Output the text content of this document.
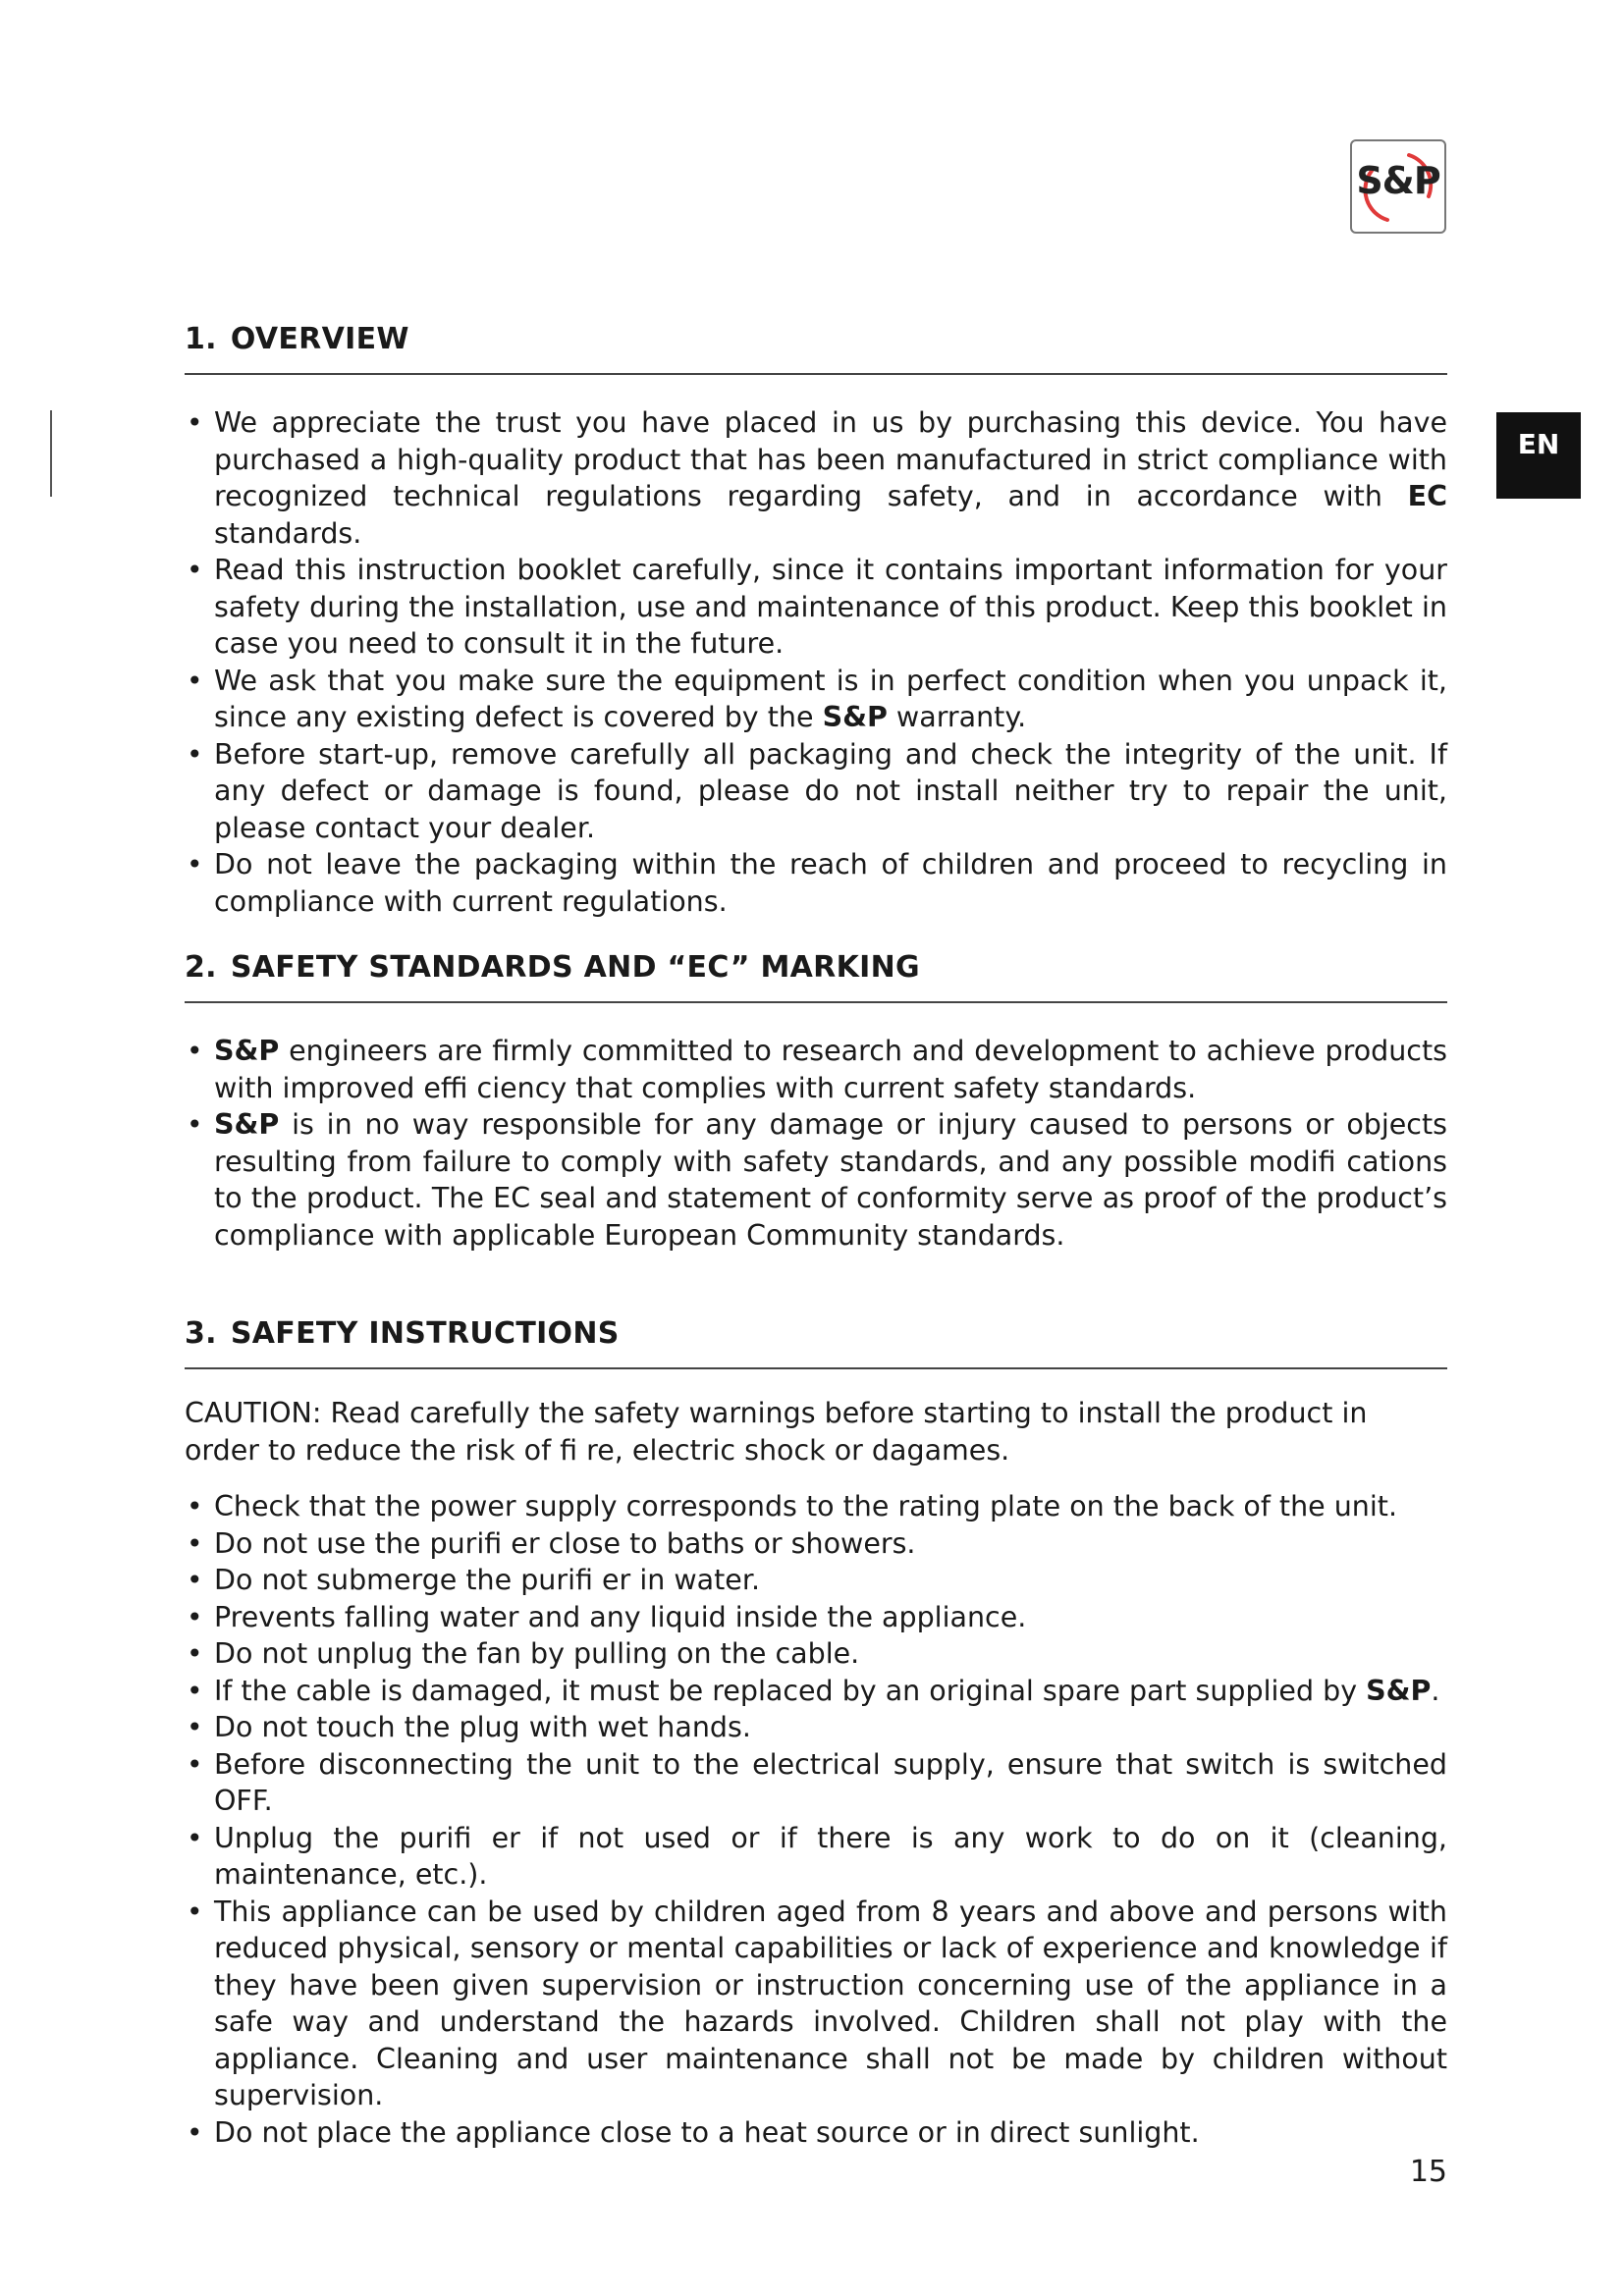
S&P
EN
1. OVERVIEW
• We appreciate the trust you have placed in us by purchasing this device. You have purchased a high-quality product that has been manufactured in strict compliance with recognized technical regulations regarding safety, and in accordance with EC standards.
• Read this instruction booklet carefully, since it contains important information for your safety during the installation, use and maintenance of this product. Keep this booklet in case you need to consult it in the future.
• We ask that you make sure the equipment is in perfect condition when you unpack it, since any existing defect is covered by the S&P warranty.
• Before start-up, remove carefully all packaging and check the integrity of the unit. If any defect or damage is found, please do not install neither try to repair the unit, please contact your dealer.
• Do not leave the packaging within the reach of children and proceed to recycling in compliance with current regulations.
2. SAFETY STANDARDS AND “EC” MARKING
• S&P engineers are firmly committed to research and development to achieve products with improved effi ciency that complies with current safety standards.
• S&P is in no way responsible for any damage or injury caused to persons or objects resulting from failure to comply with safety standards, and any possible modifi cations to the product. The EC seal and statement of conformity serve as proof of the product’s compliance with applicable European Community standards.
3. SAFETY INSTRUCTIONS

CAUTION: Read carefully the safety warnings before starting to install the product in order to reduce the risk of fi re, electric shock or dagames.

• Check that the power supply corresponds to the rating plate on the back of the unit.
• Do not use the purifi er close to baths or showers.
• Do not submerge the purifi er in water.
• Prevents falling water and any liquid inside the appliance.
• Do not unplug the fan by pulling on the cable.
• If the cable is damaged, it must be replaced by an original spare part supplied by S&P.
• Do not touch the plug with wet hands.
• Before disconnecting the unit to the electrical supply, ensure that switch is switched OFF.
• Unplug the purifi er if not used or if there is any work to do on it (cleaning, maintenance, etc.).
• This appliance can be used by children aged from 8 years and above and persons with reduced physical, sensory or mental capabilities or lack of experience and knowledge if they have been given supervision or instruction concerning use of the appliance in a safe way and understand the hazards involved. Children shall not play with the appliance. Cleaning and user maintenance shall not be made by children without supervision.
• Do not place the appliance close to a heat source or in direct sunlight.
15
